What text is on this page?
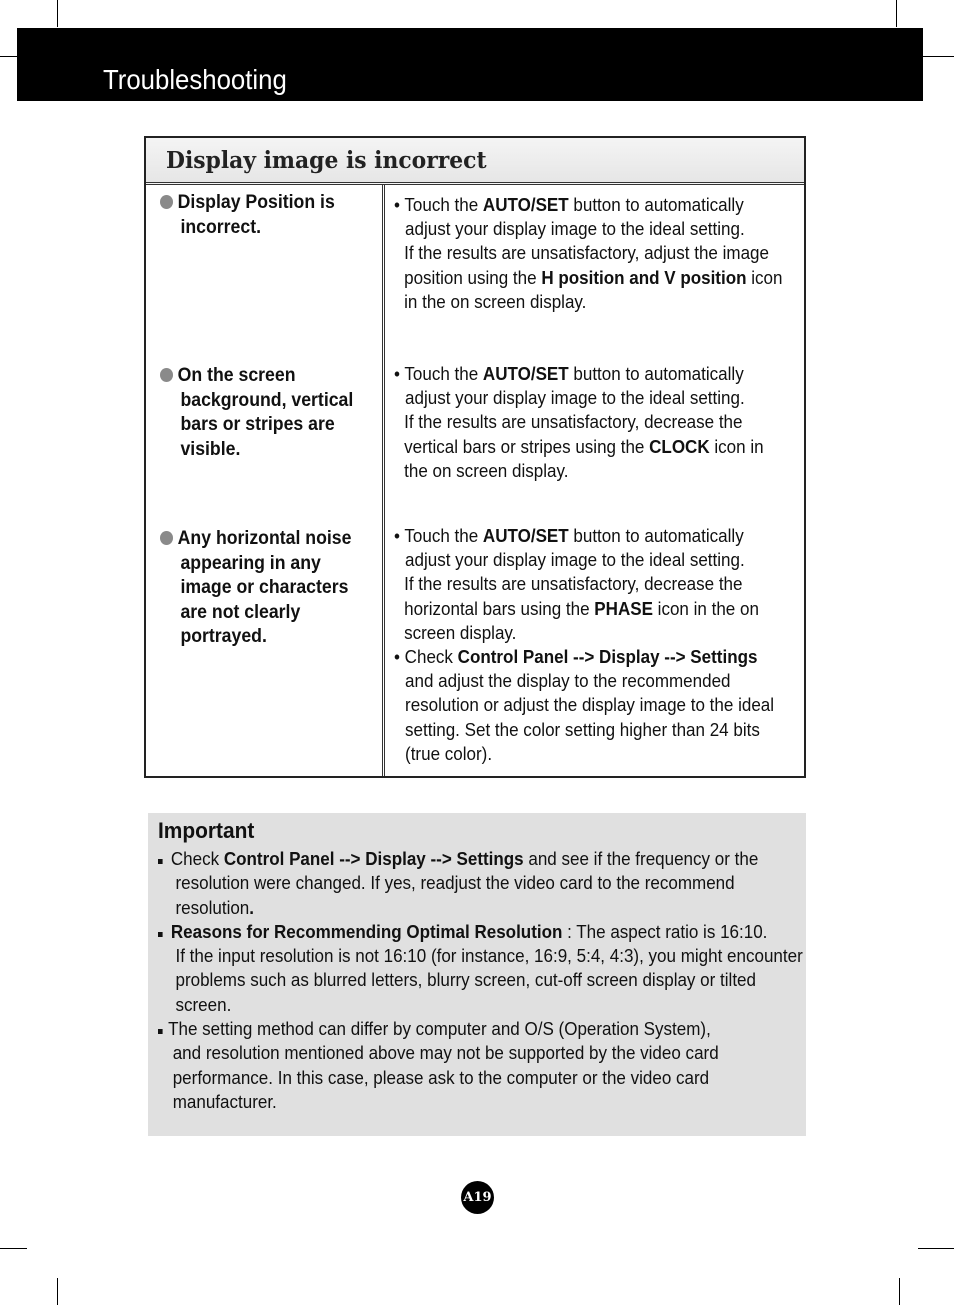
Troubleshooting
Display image is incorrect
Display Position is
incorrect.
• Touch the AUTO/SET button to automatically
adjust your display image to the ideal setting.
If the results are unsatisfactory, adjust the image
position using the H position and V position icon
in the on screen display.
On the screen
background, vertical
bars or stripes are
visible.
• Touch the AUTO/SET button to automatically
adjust your display image to the ideal setting.
If the results are unsatisfactory, decrease the
vertical bars or stripes using the CLOCK icon in
the on screen display.
Any horizontal noise
appearing in any
image or characters
are not clearly
portrayed.
• Touch the AUTO/SET button to automatically
adjust your display image to the ideal setting.
If the results are unsatisfactory, decrease the
horizontal bars using the PHASE icon in the on
screen display.
• Check Control Panel --> Display --> Settings
and adjust the display to the recommended
resolution or adjust the display image to the ideal
setting. Set the color setting higher than 24 bits
(true color).
Important
Check Control Panel --> Display --> Settings and see if the frequency or the
resolution were changed. If yes, readjust the video card to the recommend
resolution.
Reasons for Recommending Optimal Resolution : The aspect ratio is 16:10.
If the input resolution is not 16:10 (for instance, 16:9, 5:4, 4:3), you might encounter
problems such as blurred letters, blurry screen, cut-off screen display or tilted
screen.
The setting method can differ by computer and O/S (Operation System),
and resolution mentioned above may not be supported by the video card
performance. In this case, please ask to the computer or the video card
manufacturer.
A19
